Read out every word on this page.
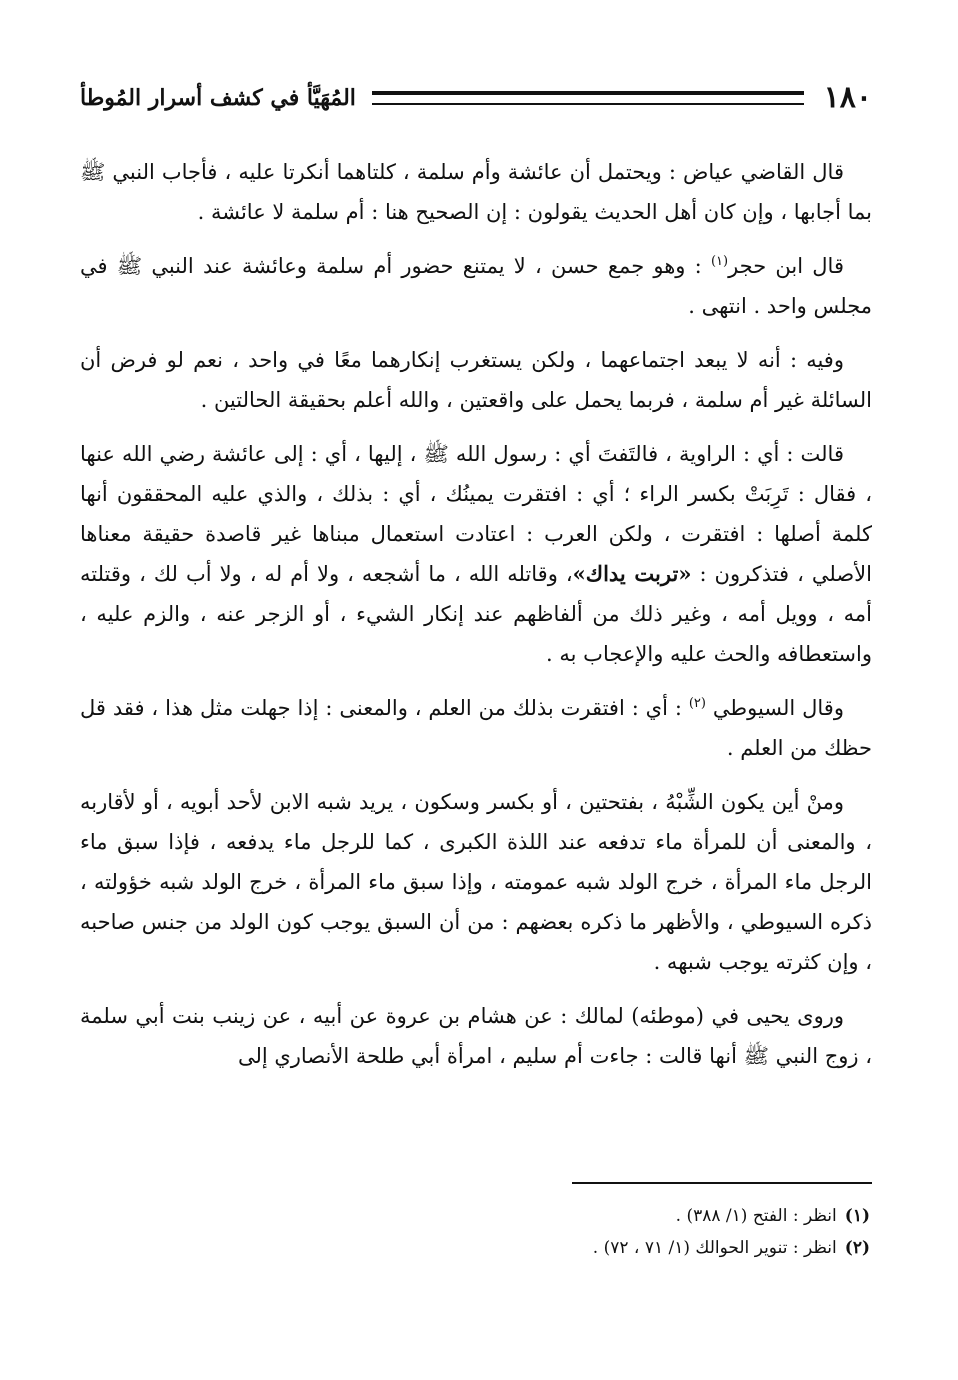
١٨٠
المُهَيَّأ في كشف أسرار المُوطأ

قال القاضي عياض : ويحتمل أن عائشة وأم سلمة ، كلتاهما أنكرتا عليه ، فأجاب النبي ﷺ بما أجابها ، وإن كان أهل الحديث يقولون : إن الصحيح هنا : أم سلمة لا عائشة .

قال ابن حجر$^{(١)}$ : وهو جمع حسن ، لا يمتنع حضور أم سلمة وعائشة عند النبي ﷺ في مجلس واحد . انتهى .

وفيه : أنه لا يبعد اجتماعهما ، ولكن يستغرب إنكارهما معًا في واحد ، نعم لو فرض أن السائلة غير أم سلمة ، فربما يحمل على واقعتين ، والله أعلم بحقيقة الحالتين .

قالت : أي : الراوية ، فالتَفتَ أي : رسول الله ﷺ ، إليها ، أي : إلى عائشة رضي الله عنها ، فقال : تَرِبَتْ بكسر الراء ؛ أي : افتقرت يمينُك ، أي : بذلك ، والذي عليه المحققون أنها كلمة أصلها : افتقرت ، ولكن العرب : اعتادت استعمال مبناها غير قاصدة حقيقة معناها الأصلي ، فتذكرون : «تربت يداك»، وقاتله الله ، ما أشجعه ، ولا أم له ، ولا أب لك ، وقتلته أمه ، وويل أمه ، وغير ذلك من ألفاظهم عند إنكار الشيء ، أو الزجر عنه ، والزم عليه ، واستعطافه والحث عليه والإعجاب به .

وقال السيوطي $^{(٢)}$ : أي : افتقرت بذلك من العلم ، والمعنى : إذا جهلت مثل هذا ، فقد قل حظك من العلم .

ومنْ أين يكون الشِّبْهُ ، بفتحتين ، أو بكسر وسكون ، يريد شبه الابن لأحد أبويه ، أو لأقاربه ، والمعنى أن للمرأة ماء تدفعه عند اللذة الكبرى ، كما للرجل ماء يدفعه ، فإذا سبق ماء الرجل ماء المرأة ، خرج الولد شبه عمومته ، وإذا سبق ماء المرأة ، خرج الولد شبه خؤولته ، ذكره السيوطي ، والأظهر ما ذكره بعضهم : من أن السبق يوجب كون الولد من جنس صاحبه ، وإن كثرته يوجب شبهه .

وروى يحيى في (موطئه) لمالك : عن هشام بن عروة عن أبيه ، عن زينب بنت أبي سلمة ، زوج النبي ﷺ أنها قالت : جاءت أم سليم ، امرأة أبي طلحة الأنصاري إلى

(١)انظر : الفتح (١/ ٣٨٨) .
(٢)انظر : تنوير الحوالك (١/ ٧١ ، ٧٢) .
